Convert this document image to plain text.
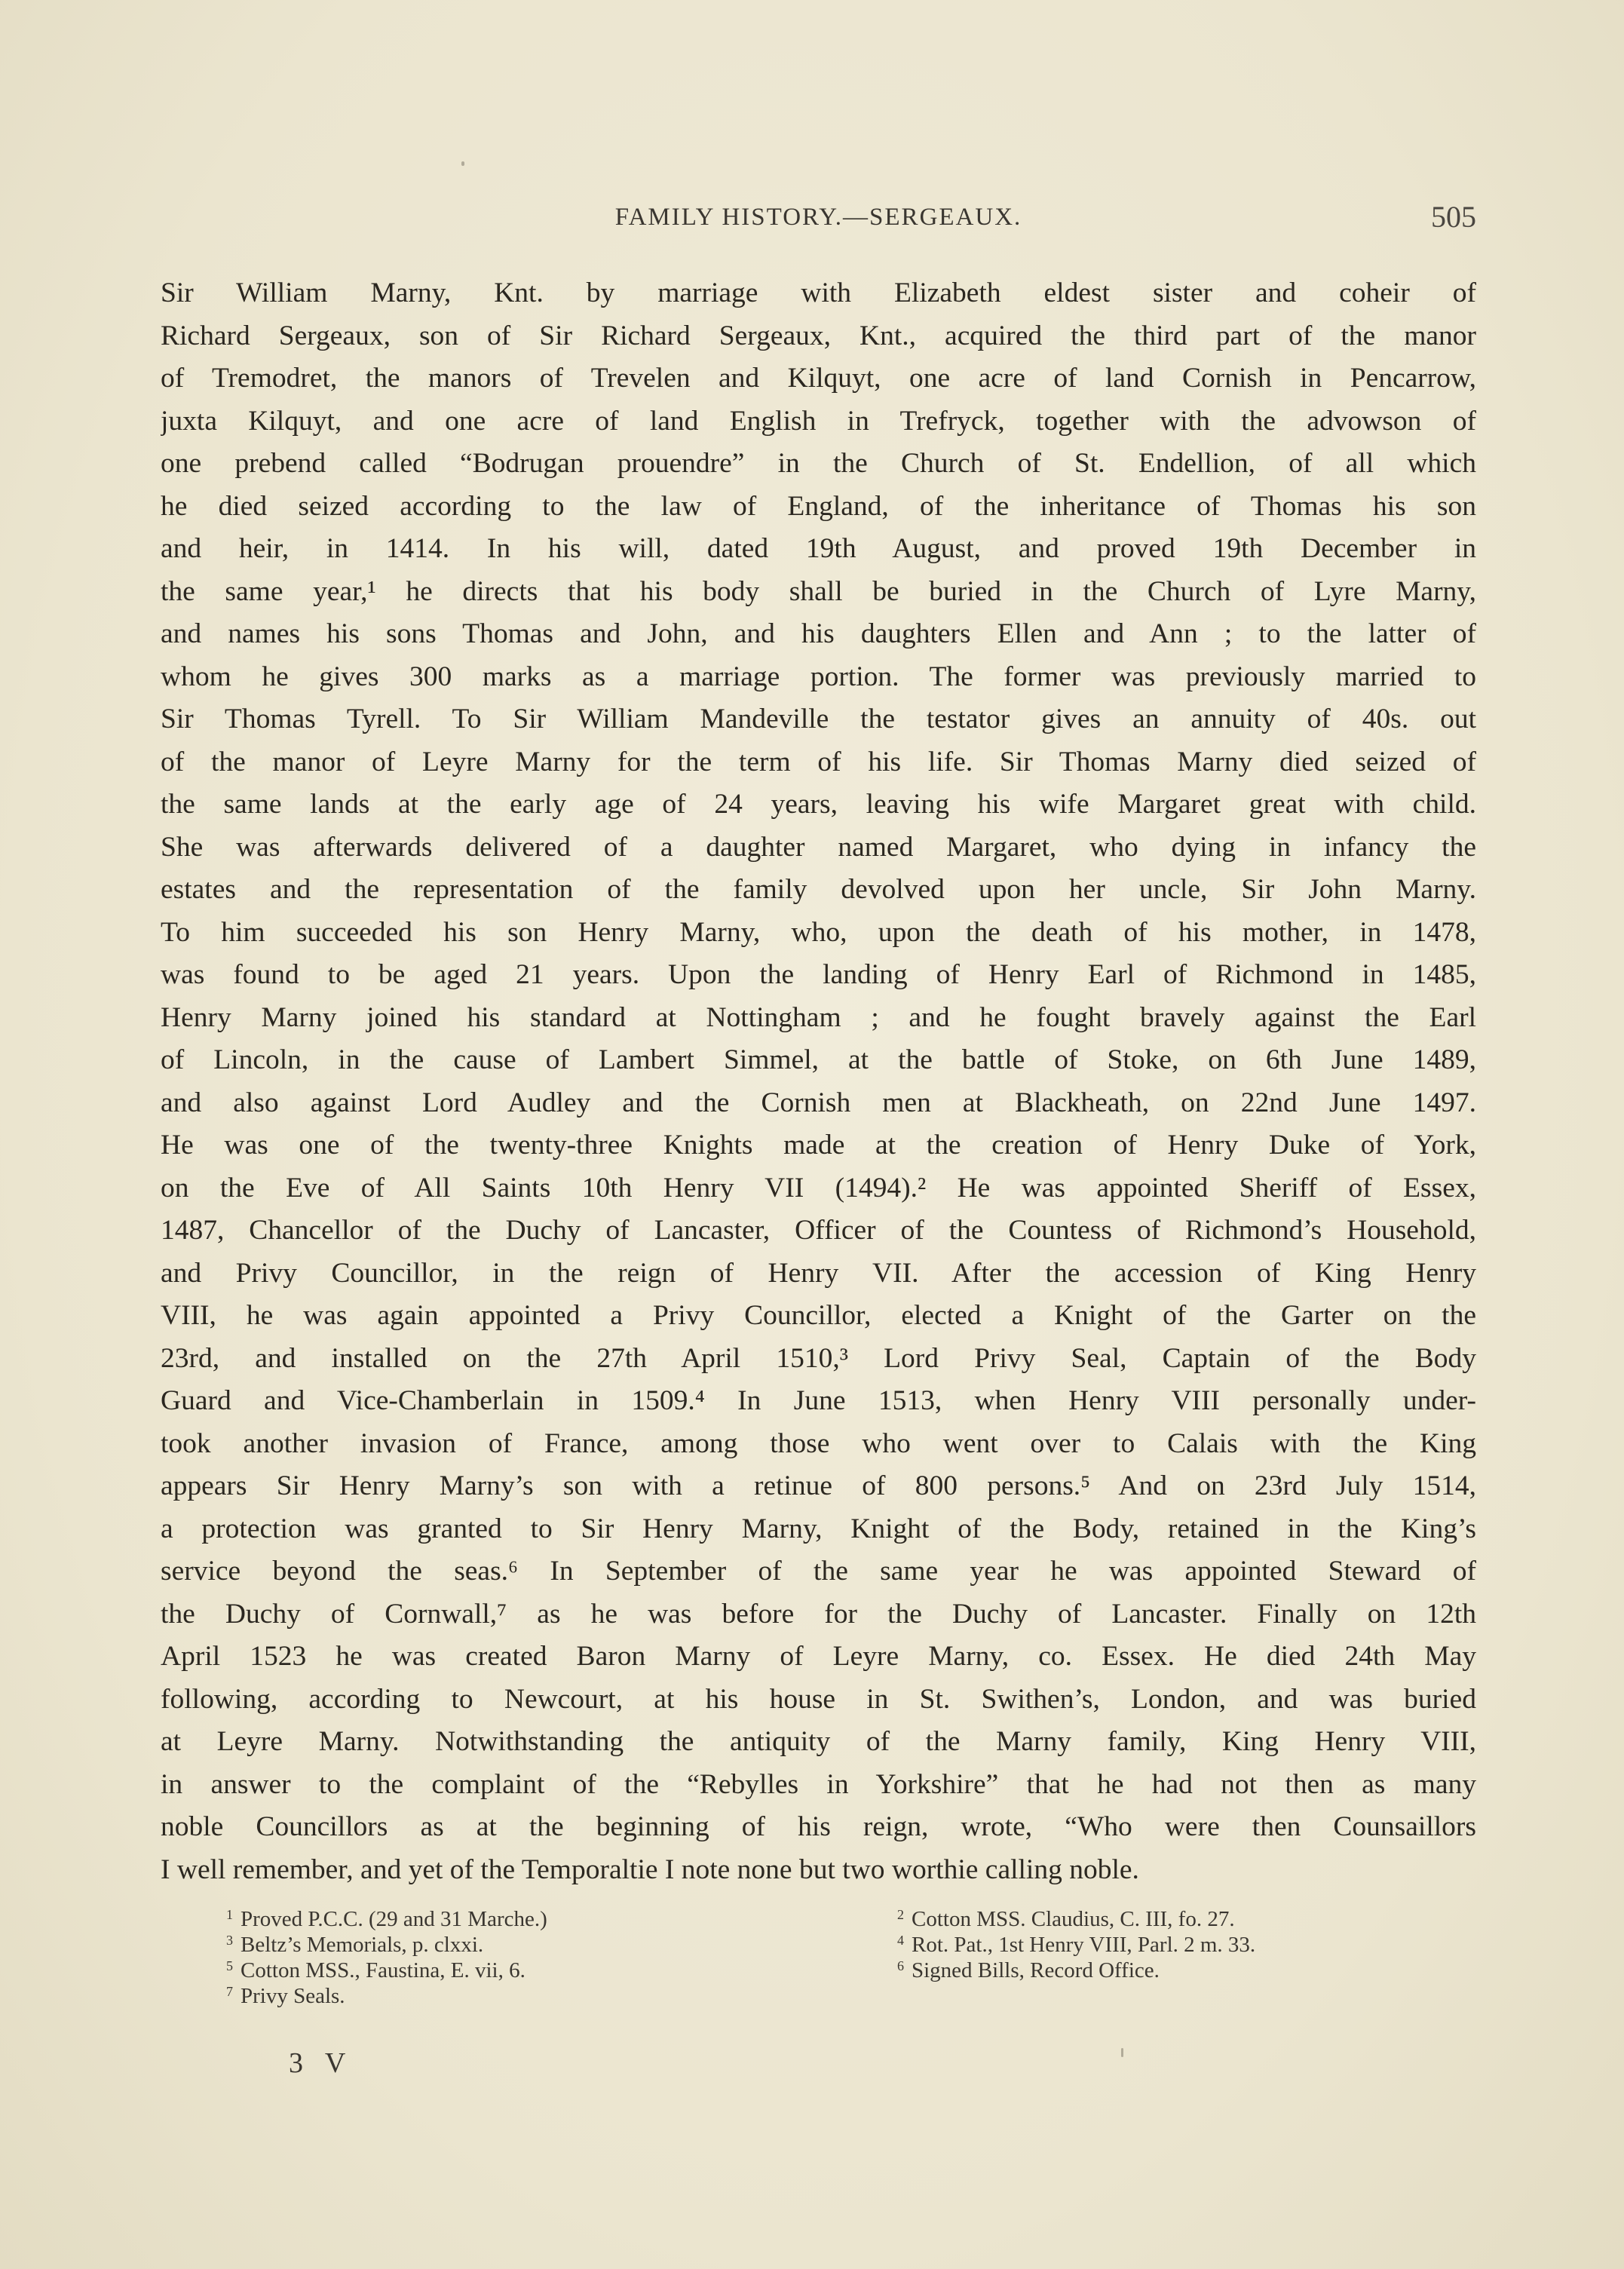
FAMILY HISTORY.—SERGEAUX.	505
Sir William Marny, Knt. by marriage with Elizabeth eldest sister and coheir of
Richard Sergeaux, son of Sir Richard Sergeaux, Knt., acquired the third part of the manor
of Tremodret, the manors of Trevelen and Kilquyt, one acre of land Cornish in Pencarrow,
juxta Kilquyt, and one acre of land English in Trefryck, together with the advowson of
one prebend called “Bodrugan prouendre” in the Church of St. Endellion, of all which
he died seized according to the law of England, of the inheritance of Thomas his son
and heir, in 1414. In his will, dated 19th August, and proved 19th December in
the same year,¹ he directs that his body shall be buried in the Church of Lyre Marny,
and names his sons Thomas and John, and his daughters Ellen and Ann ; to the latter of
whom he gives 300 marks as a marriage portion. The former was previously married to
Sir Thomas Tyrell. To Sir William Mandeville the testator gives an annuity of 40s. out
of the manor of Leyre Marny for the term of his life. Sir Thomas Marny died seized of
the same lands at the early age of 24 years, leaving his wife Margaret great with child.
She was afterwards delivered of a daughter named Margaret, who dying in infancy the
estates and the representation of the family devolved upon her uncle, Sir John Marny.
To him succeeded his son Henry Marny, who, upon the death of his mother, in 1478,
was found to be aged 21 years. Upon the landing of Henry Earl of Richmond in 1485,
Henry Marny joined his standard at Nottingham ; and he fought bravely against the Earl
of Lincoln, in the cause of Lambert Simmel, at the battle of Stoke, on 6th June 1489,
and also against Lord Audley and the Cornish men at Blackheath, on 22nd June 1497.
He was one of the twenty-three Knights made at the creation of Henry Duke of York,
on the Eve of All Saints 10th Henry VII (1494).² He was appointed Sheriff of Essex,
1487, Chancellor of the Duchy of Lancaster, Officer of the Countess of Richmond’s Household,
and Privy Councillor, in the reign of Henry VII. After the accession of King Henry
VIII, he was again appointed a Privy Councillor, elected a Knight of the Garter on the
23rd, and installed on the 27th April 1510,³ Lord Privy Seal, Captain of the Body
Guard and Vice-Chamberlain in 1509.⁴ In June 1513, when Henry VIII personally under-
took another invasion of France, among those who went over to Calais with the King
appears Sir Henry Marny’s son with a retinue of 800 persons.⁵ And on 23rd July 1514,
a protection was granted to Sir Henry Marny, Knight of the Body, retained in the King’s
service beyond the seas.⁶ In September of the same year he was appointed Steward of
the Duchy of Cornwall,⁷ as he was before for the Duchy of Lancaster. Finally on 12th
April 1523 he was created Baron Marny of Leyre Marny, co. Essex. He died 24th May
following, according to Newcourt, at his house in St. Swithen’s, London, and was buried
at Leyre Marny. Notwithstanding the antiquity of the Marny family, King Henry VIII,
in answer to the complaint of the “Rebylles in Yorkshire” that he had not then as many
noble Councillors as at the beginning of his reign, wrote, “Who were then Counsaillors
I well remember, and yet of the Temporaltie I note none but two worthie calling noble.
$^1$ Proved P.C.C. (29 and 31 Marche.)
$^3$ Beltz’s Memorials, p. clxxi.
$^5$ Cotton MSS., Faustina, E. vii, 6.
$^7$ Privy Seals.
$^2$ Cotton MSS. Claudius, C. III, fo. 27.
$^4$ Rot. Pat., 1st Henry VIII, Parl. 2 m. 33.
$^6$ Signed Bills, Record Office.
3 V
